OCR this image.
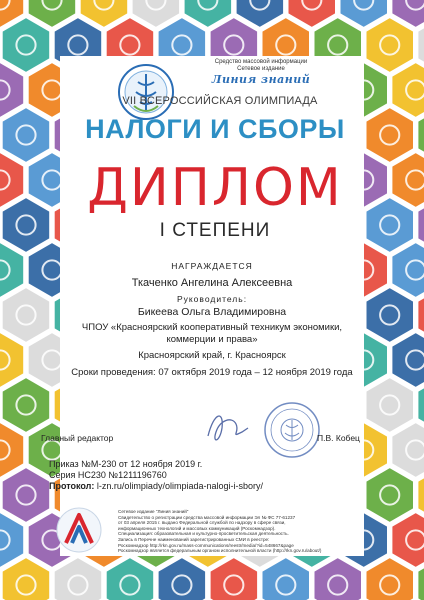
Средство массовой информации
Сетевое издание
Линия знаний
VII ВСЕРОССИЙСКАЯ ОЛИМПИАДА
НАЛОГИ И СБОРЫ
ДИПЛОМ
I СТЕПЕНИ
НАГРАЖДАЕТСЯ
Ткаченко Ангелина Алексеевна
Руководитель:
Бикеева Ольга Владимировна
ЧПОУ «Красноярский кооперативный техникум экономики,
коммерции и права»
Красноярский край, г. Красноярск
Сроки проведения: 07 октября 2019 года – 12 ноября 2019 года
Главный редактор	П.В. Кобец
Приказ №М-230 от 12 ноября 2019 г.
Серия НС230 №1211196760
Протокол: l-zn.ru/olimpiady/olimpiada-nalogi-i-sbory/
Сетевое издание "Линия знаний"
Свидетельство о регистрации средства массовой информации Эл № ФС 77-61237
от 03 апреля 2015 г. выдано Федеральной службой по надзору в сфере связи,
информационных технологий и массовых коммуникаций (Роскомнадзор).
Специализация: образовательная и культурно-просветительская деятельность.
Запись в Перечне наименований зарегистрированных СМИ в реестре:
Роскомнадзор http://rkn.gov.ru/mass-communications/reestr/media/?id=548667&page
Роскомнадзор является федеральным органом исполнительной власти (http://rkn.gov.ru/about/)
